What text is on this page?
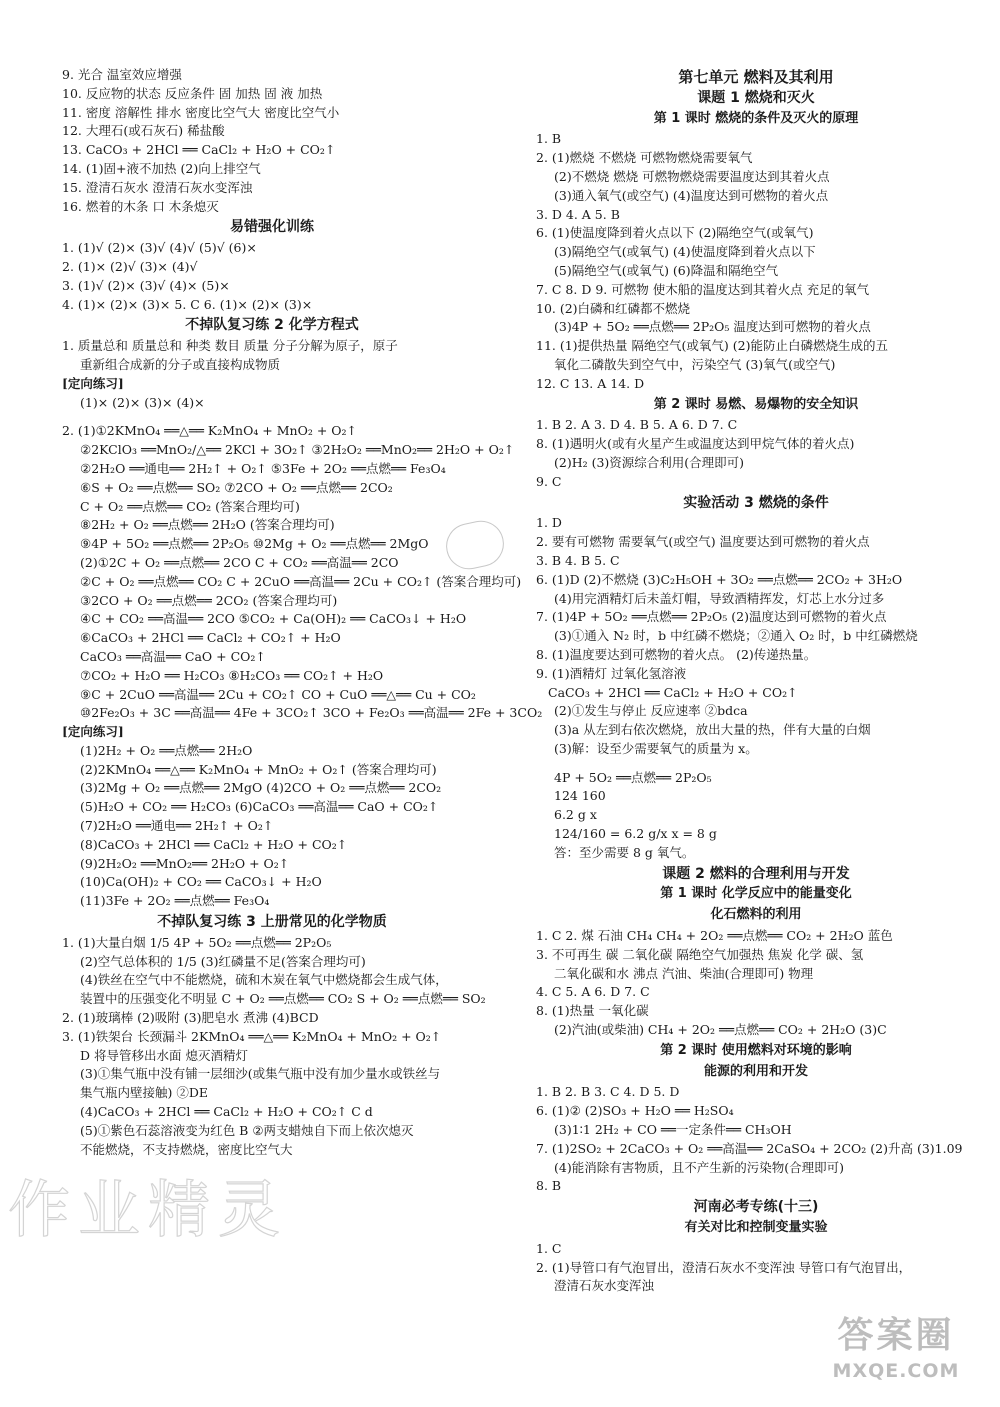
9. 光合 温室效应增强
10. 反应物的状态 反应条件 固 加热 固 液 加热
11. 密度 溶解性 排水 密度比空气大 密度比空气小
12. 大理石(或石灰石) 稀盐酸
13. CaCO₃ + 2HCl ══ CaCl₂ + H₂O + CO₂↑
14. (1)固+液不加热 (2)向上排空气
15. 澄清石灰水 澄清石灰水变浑浊
16. 燃着的木条 口 木条熄灭
易错强化训练
1. (1)√ (2)× (3)√ (4)√ (5)√ (6)×
2. (1)× (2)√ (3)× (4)√
3. (1)√ (2)× (3)√ (4)× (5)×
4. (1)× (2)× (3)× 5. C 6. (1)× (2)× (3)×
不掉队复习练 2 化学方程式
1. 质量总和 质量总和 种类 数目 质量 分子分解为原子，原子
重新组合成新的分子或直接构成物质
[定向练习]
(1)× (2)× (3)× (4)×
2. (1)①2KMnO₄ ══△══ K₂MnO₄ + MnO₂ + O₂↑
②2KClO₃ ══MnO₂/△══ 2KCl + 3O₂↑ ③2H₂O₂ ══MnO₂══ 2H₂O + O₂↑
②2H₂O ══通电══ 2H₂↑ + O₂↑ ⑤3Fe + 2O₂ ══点燃══ Fe₃O₄
⑥S + O₂ ══点燃══ SO₂ ⑦2CO + O₂ ══点燃══ 2CO₂
C + O₂ ══点燃══ CO₂ (答案合理均可)
⑧2H₂ + O₂ ══点燃══ 2H₂O (答案合理均可)
⑨4P + 5O₂ ══点燃══ 2P₂O₅ ⑩2Mg + O₂ ══点燃══ 2MgO
(2)①2C + O₂ ══点燃══ 2CO C + CO₂ ══高温══ 2CO
②C + O₂ ══点燃══ CO₂ C + 2CuO ══高温══ 2Cu + CO₂↑ (答案合理均可)
③2CO + O₂ ══点燃══ 2CO₂ (答案合理均可)
④C + CO₂ ══高温══ 2CO ⑤CO₂ + Ca(OH)₂ ══ CaCO₃↓ + H₂O
⑥CaCO₃ + 2HCl ══ CaCl₂ + CO₂↑ + H₂O
CaCO₃ ══高温══ CaO + CO₂↑
⑦CO₂ + H₂O ══ H₂CO₃ ⑧H₂CO₃ ══ CO₂↑ + H₂O
⑨C + 2CuO ══高温══ 2Cu + CO₂↑ CO + CuO ══△══ Cu + CO₂
⑩2Fe₂O₃ + 3C ══高温══ 4Fe + 3CO₂↑ 3CO + Fe₂O₃ ══高温══ 2Fe + 3CO₂
[定向练习]
(1)2H₂ + O₂ ══点燃══ 2H₂O
(2)2KMnO₄ ══△══ K₂MnO₄ + MnO₂ + O₂↑ (答案合理均可)
(3)2Mg + O₂ ══点燃══ 2MgO (4)2CO + O₂ ══点燃══ 2CO₂
(5)H₂O + CO₂ ══ H₂CO₃ (6)CaCO₃ ══高温══ CaO + CO₂↑
(7)2H₂O ══通电══ 2H₂↑ + O₂↑
(8)CaCO₃ + 2HCl ══ CaCl₂ + H₂O + CO₂↑
(9)2H₂O₂ ══MnO₂══ 2H₂O + O₂↑
(10)Ca(OH)₂ + CO₂ ══ CaCO₃↓ + H₂O
(11)3Fe + 2O₂ ══点燃══ Fe₃O₄
不掉队复习练 3 上册常见的化学物质
1. (1)大量白烟 1/5 4P + 5O₂ ══点燃══ 2P₂O₅
(2)空气总体积的 1/5 (3)红磷量不足(答案合理均可)
(4)铁丝在空气中不能燃烧，硫和木炭在氧气中燃烧都会生成气体，
装置中的压强变化不明显 C + O₂ ══点燃══ CO₂ S + O₂ ══点燃══ SO₂
2. (1)玻璃棒 (2)吸附 (3)肥皂水 煮沸 (4)BCD
3. (1)铁架台 长颈漏斗 2KMnO₄ ══△══ K₂MnO₄ + MnO₂ + O₂↑
D 将导管移出水面 熄灭酒精灯
(3)①集气瓶中没有铺一层细沙(或集气瓶中没有加少量水或铁丝与
集气瓶内壁接触) ②DE
(4)CaCO₃ + 2HCl ══ CaCl₂ + H₂O + CO₂↑ C d
(5)①紫色石蕊溶液变为红色 B ②两支蜡烛自下而上依次熄灭
不能燃烧，不支持燃烧，密度比空气大
第七单元 燃料及其利用
课题 1 燃烧和灭火
第 1 课时 燃烧的条件及灭火的原理
1. B
2. (1)燃烧 不燃烧 可燃物燃烧需要氧气
(2)不燃烧 燃烧 可燃物燃烧需要温度达到其着火点
(3)通入氧气(或空气) (4)温度达到可燃物的着火点
3. D 4. A 5. B
6. (1)使温度降到着火点以下 (2)隔绝空气(或氧气)
(3)隔绝空气(或氧气) (4)使温度降到着火点以下
(5)隔绝空气(或氧气) (6)降温和隔绝空气
7. C 8. D 9. 可燃物 使木船的温度达到其着火点 充足的氧气
10. (2)白磷和红磷都不燃烧
(3)4P + 5O₂ ══点燃══ 2P₂O₅ 温度达到可燃物的着火点
11. (1)提供热量 隔绝空气(或氧气) (2)能防止白磷燃烧生成的五
氧化二磷散失到空气中，污染空气 (3)氧气(或空气)
12. C 13. A 14. D
第 2 课时 易燃、易爆物的安全知识
1. B 2. A 3. D 4. B 5. A 6. D 7. C
8. (1)遇明火(或有火星产生或温度达到甲烷气体的着火点)
(2)H₂ (3)资源综合利用(合理即可)
9. C
实验活动 3 燃烧的条件
1. D
2. 要有可燃物 需要氧气(或空气) 温度要达到可燃物的着火点
3. B 4. B 5. C
6. (1)D (2)不燃烧 (3)C₂H₅OH + 3O₂ ══点燃══ 2CO₂ + 3H₂O
(4)用完酒精灯后未盖灯帽，导致酒精挥发，灯芯上水分过多
7. (1)4P + 5O₂ ══点燃══ 2P₂O₅ (2)温度达到可燃物的着火点
(3)①通入 N₂ 时，b 中红磷不燃烧；②通入 O₂ 时，b 中红磷燃烧
8. (1)温度要达到可燃物的着火点。 (2)传递热量。
9. (1)酒精灯 过氧化氢溶液
CaCO₃ + 2HCl ══ CaCl₂ + H₂O + CO₂↑
(2)①发生与停止 反应速率 ②bdca
(3)a 从左到右依次燃烧，放出大量的热，伴有大量的白烟
(3)解：设至少需要氧气的质量为 x。
4P + 5O₂ ══点燃══ 2P₂O₅
124 160
6.2 g x
124/160 = 6.2 g/x x = 8 g
答：至少需要 8 g 氧气。
课题 2 燃料的合理利用与开发
第 1 课时 化学反应中的能量变化
化石燃料的利用
1. C 2. 煤 石油 CH₄ CH₄ + 2O₂ ══点燃══ CO₂ + 2H₂O 蓝色
3. 不可再生 碳 二氧化碳 隔绝空气加强热 焦炭 化学 碳、氢
二氧化碳和水 沸点 汽油、柴油(合理即可) 物理
4. C 5. A 6. D 7. C
8. (1)热量 一氧化碳
(2)汽油(或柴油) CH₄ + 2O₂ ══点燃══ CO₂ + 2H₂O (3)C
第 2 课时 使用燃料对环境的影响
能源的利用和开发
1. B 2. B 3. C 4. D 5. D
6. (1)② (2)SO₃ + H₂O ══ H₂SO₄
(3)1∶1 2H₂ + CO ══一定条件══ CH₃OH
7. (1)2SO₂ + 2CaCO₃ + O₂ ══高温══ 2CaSO₄ + 2CO₂ (2)升高 (3)1.09
(4)能消除有害物质，且不产生新的污染物(合理即可)
8. B
河南必考专练(十三)
有关对比和控制变量实验
1. C
2. (1)导管口有气泡冒出，澄清石灰水不变浑浊 导管口有气泡冒出，
澄清石灰水变浑浊
作业精灵
答案圈
MXQE.COM
